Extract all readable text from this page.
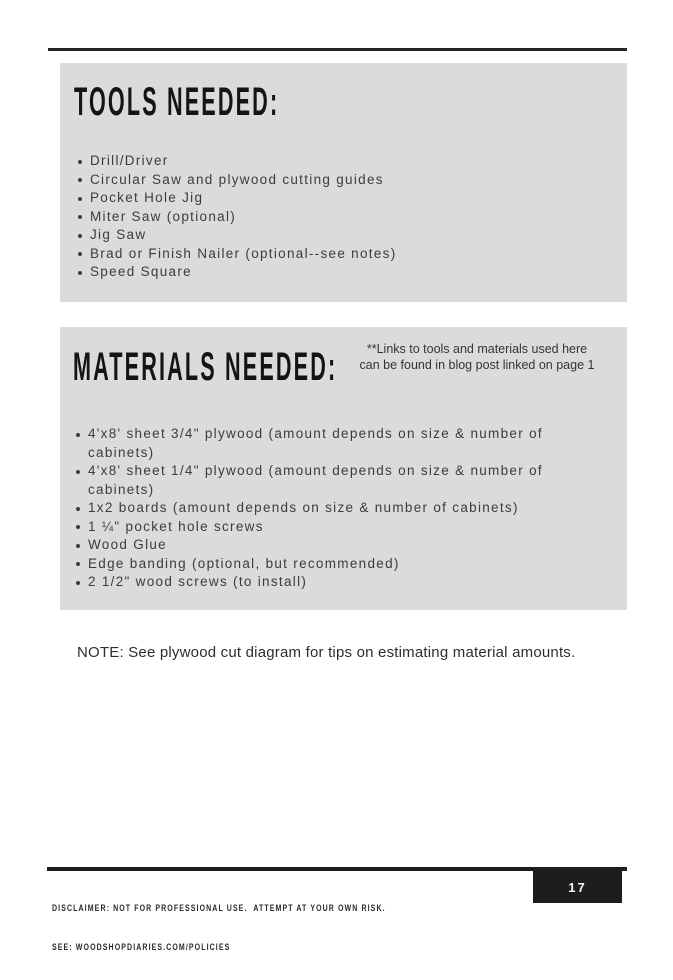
TOOLS NEEDED:
Drill/Driver
Circular Saw and plywood cutting guides
Pocket Hole Jig
Miter Saw (optional)
Jig Saw
Brad or Finish Nailer (optional--see notes)
Speed Square
MATERIALS NEEDED:	**Links to tools and materials used here
can be found in blog post linked on page 1
4'x8' sheet 3/4" plywood (amount depends on size & number of cabinets)
4'x8' sheet 1/4" plywood (amount depends on size & number of cabinets)
1x2 boards (amount depends on size & number of cabinets)
1 ¼" pocket hole screws
Wood Glue
Edge banding (optional, but recommended)
2 1/2" wood screws (to install)

NOTE: See plywood cut diagram for tips on estimating material amounts.

DISCLAIMER: NOT FOR PROFESSIONAL USE.  ATTEMPT AT YOUR OWN RISK.

SEE: WOODSHOPDIARIES.COM/POLICIES

17
